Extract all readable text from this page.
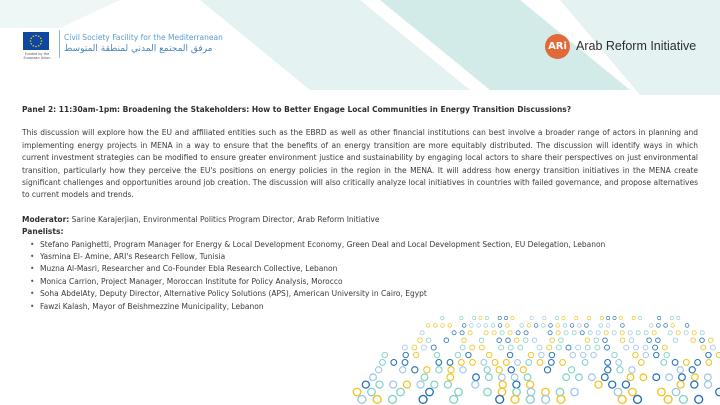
Funded by the European Union
Civil Society Facility for the Mediterranean
مرفق المجتمع المدني لمنطقة المتوسط	ARi Arab Reform Initiative

Panel 2: 11:30am-1pm: Broadening the Stakeholders: How to Better Engage Local Communities in Energy Transition Discussions?

This discussion will explore how the EU and affiliated entities such as the EBRD as well as other financial institutions can best involve a broader range of actors in planning and implementing energy projects in MENA in a way to ensure that the benefits of an energy transition are more equitably distributed. The discussion will identify ways in which current investment strategies can be modified to ensure greater environment justice and sustainability by engaging local actors to share their perspectives on just environmental transition, particularly how they perceive the EU's positions on energy policies in the region in the MENA. It will address how energy transition initiatives in the MENA create significant challenges and opportunities around job creation. The discussion will also critically analyze local initiatives in countries with failed governance, and propose alternatives to current models and trends.

Moderator: Sarine Karajerjian, Environmental Politics Program Director, Arab Reform Initiative

Panelists:

• Stefano Panighetti, Program Manager for Energy & Local Development Economy, Green Deal and Local Development Section, EU Delegation, Lebanon
• Yasmina El- Amine, ARI's Research Fellow, Tunisia
• Muzna Al-Masri, Researcher and Co-Founder Ebla Research Collective, Lebanon
• Monica Carrion, Project Manager, Moroccan Institute for Policy Analysis, Morocco
• Soha AbdelAty, Deputy Director, Alternative Policy Solutions (APS), American University in Cairo, Egypt
• Fawzi Kalash, Mayor of Beishmezzine Municipality, Lebanon
